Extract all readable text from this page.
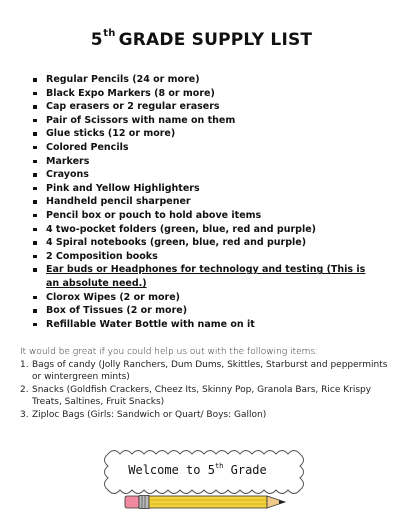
5th GRADE SUPPLY LIST
Regular Pencils (24 or more)
Black Expo Markers (8 or more)
Cap erasers or 2 regular erasers
Pair of Scissors with name on them
Glue sticks (12 or more)
Colored Pencils
Markers
Crayons
Pink and Yellow Highlighters
Handheld pencil sharpener
Pencil box or pouch to hold above items
4 two-pocket folders (green, blue, red and purple)
4 Spiral notebooks (green, blue, red and purple)
2 Composition books
Ear buds or Headphones for technology and testing (This is an absolute need.)
Clorox Wipes (2 or more)
Box of Tissues (2 or more)
Refillable Water Bottle with name on it
It would be great if you could help us out with the following items:
1. Bags of candy (Jolly Ranchers, Dum Dums, Skittles, Starburst and peppermints or wintergreen mints)
2. Snacks (Goldfish Crackers, Cheez Its, Skinny Pop, Granola Bars, Rice Krispy Treats, Saltines, Fruit Snacks)
3. Ziploc Bags (Girls: Sandwich or Quart/ Boys: Gallon)
Welcome to 5th Grade
